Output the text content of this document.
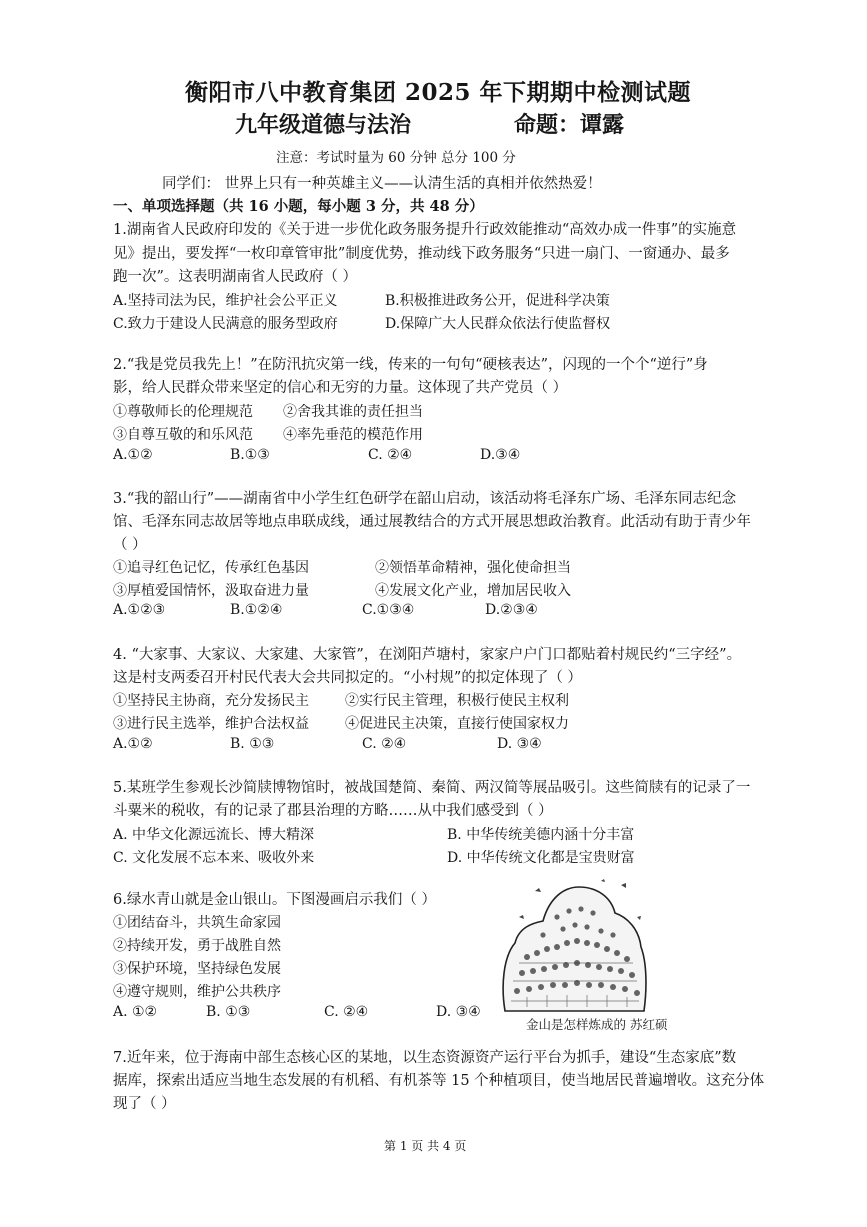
衡阳市八中教育集团 2025 年下期期中检测试题
九年级道德与法治	命题：谭露
注意：考试时量为 60 分钟 总分 100 分
同学们： 世界上只有一种英雄主义——认清生活的真相并依然热爱！
一、单项选择题（共 16 小题，每小题 3 分，共 48 分）
1.湖南省人民政府印发的《关于进一步优化政务服务提升行政效能推动“高效办成一件事”的实施意
见》提出，要发挥“一枚印章管审批”制度优势，推动线下政务服务“只进一扇门、一窗通办、最多
跑一次”。这表明湖南省人民政府（ ）
A.坚持司法为民，维护社会公平正义	B.积极推进政务公开，促进科学决策
C.致力于建设人民满意的服务型政府	D.保障广大人民群众依法行使监督权
2.“我是党员我先上！”在防汛抗灾第一线，传来的一句句“硬核表达”，闪现的一个个“逆行”身
影，给人民群众带来坚定的信心和无穷的力量。这体现了共产党员（ ）
①尊敬师长的伦理规范 ②舍我其谁的责任担当
③自尊互敬的和乐风范 ④率先垂范的模范作用
A.①②	B.①③	C. ②④	D.③④
3.“我的韶山行”——湖南省中小学生红色研学在韶山启动，该活动将毛泽东广场、毛泽东同志纪念
馆、毛泽东同志故居等地点串联成线，通过展教结合的方式开展思想政治教育。此活动有助于青少年
（ ）
①追寻红色记忆，传承红色基因	②领悟革命精神，强化使命担当
③厚植爱国情怀，汲取奋进力量	④发展文化产业，增加居民收入
A.①②③	B.①②④	C.①③④	D.②③④
4. “大家事、大家议、大家建、大家管”，在浏阳芦塘村，家家户户门口都贴着村规民约“三字经”。
这是村支两委召开村民代表大会共同拟定的。“小村规”的拟定体现了（ ）
①坚持民主协商，充分发扬民主	②实行民主管理，积极行使民主权利
③进行民主选举，维护合法权益	④促进民主决策，直接行使国家权力
A.①②	B. ①③	C. ②④	D. ③④
5.某班学生参观长沙简牍博物馆时，被战国楚简、秦简、两汉简等展品吸引。这些简牍有的记录了一
斗粟米的税收，有的记录了郡县治理的方略……从中我们感受到（ ）
A. 中华文化源远流长、博大精深	B. 中华传统美德内涵十分丰富
C. 文化发展不忘本来、吸收外来	D. 中华传统文化都是宝贵财富
6.绿水青山就是金山银山。下图漫画启示我们（ ）
①团结奋斗，共筑生命家园
②持续开发，勇于战胜自然
③保护环境，坚持绿色发展
④遵守规则，维护公共秩序
A. ①②	B. ①③	C. ②④	D. ③④
金山是怎样炼成的 苏红硕
7.近年来，位于海南中部生态核心区的某地，以生态资源资产运行平台为抓手，建设“生态家底”数
据库，探索出适应当地生态发展的有机稻、有机茶等 15 个种植项目，使当地居民普遍增收。这充分体
现了（ ）
第 1 页 共 4 页
